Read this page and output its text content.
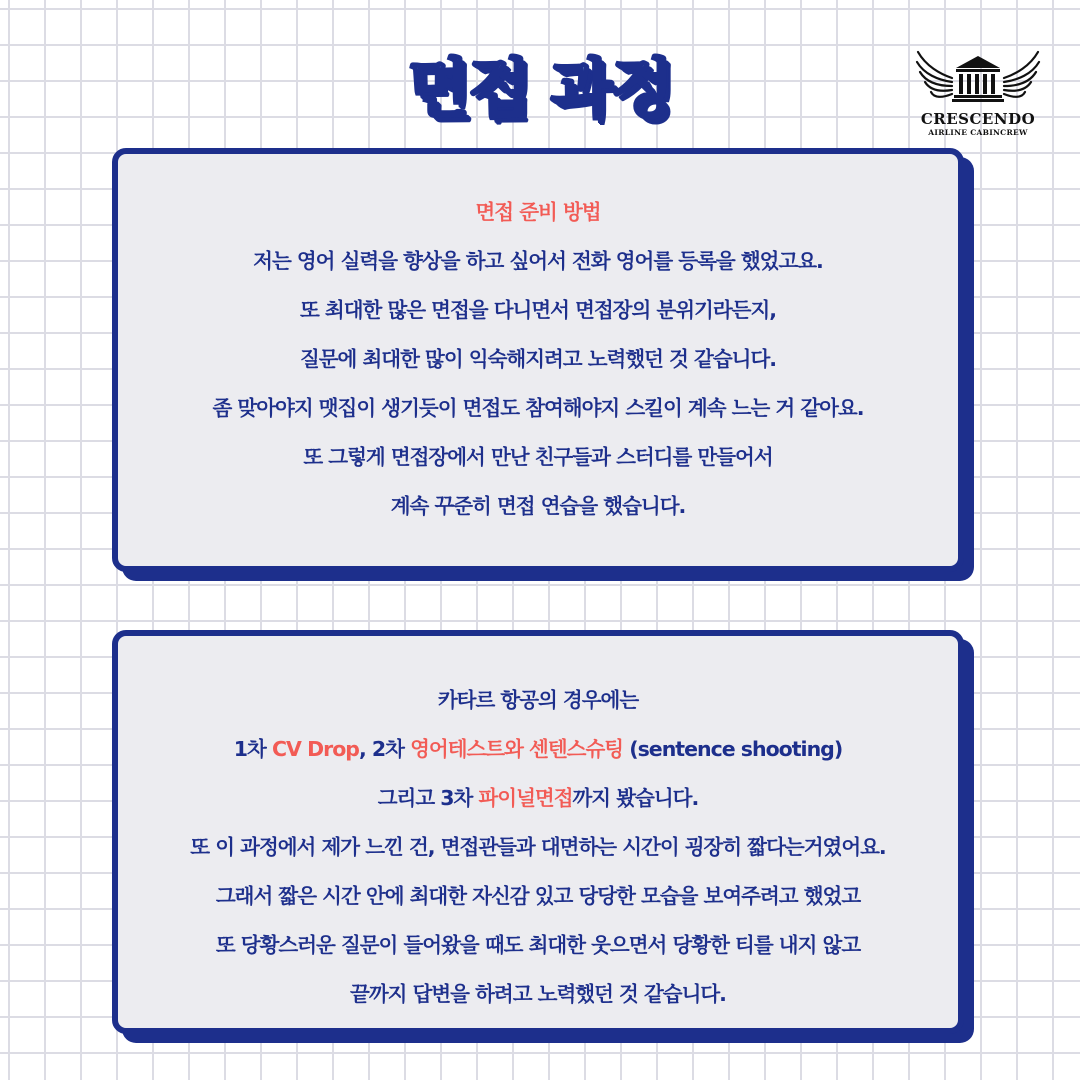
면접 과정	CRESCENDO
AIRLINE CABINCREW
면접 준비 방법
저는 영어 실력을 향상을 하고 싶어서 전화 영어를 등록을 했었고요.
또 최대한 많은 면접을 다니면서 면접장의 분위기라든지,
질문에 최대한 많이 익숙해지려고 노력했던 것 같습니다.
좀 맞아야지 맷집이 생기듯이 면접도 참여해야지 스킬이 계속 느는 거 같아요.
또 그렇게 면접장에서 만난 친구들과 스터디를 만들어서
계속 꾸준히 면접 연습을 했습니다.
카타르 항공의 경우에는
1차 CV Drop, 2차 영어테스트와 센텐스슈팅 (sentence shooting)
그리고 3차 파이널면접까지 봤습니다.
또 이 과정에서 제가 느낀 건, 면접관들과 대면하는 시간이 굉장히 짧다는거였어요.
그래서 짧은 시간 안에 최대한 자신감 있고 당당한 모습을 보여주려고 했었고
또 당황스러운 질문이 들어왔을 때도 최대한 웃으면서 당황한 티를 내지 않고
끝까지 답변을 하려고 노력했던 것 같습니다.
